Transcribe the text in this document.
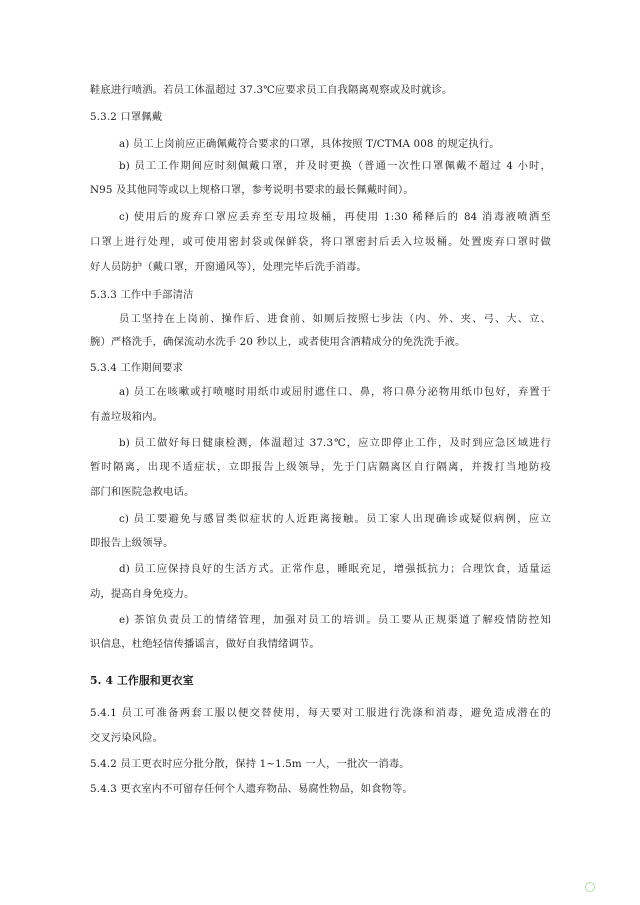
鞋底进行喷洒。若员工体温超过 37.3℃应要求员工自我隔离观察或及时就诊。
5.3.2 口罩佩戴
a) 员工上岗前应正确佩戴符合要求的口罩，具体按照 T/CTMA 008 的规定执行。
b) 员工工作期间应时刻佩戴口罩，并及时更换（普通一次性口罩佩戴不超过 4 小时，
N95 及其他同等或以上规格口罩，参考说明书要求的最长佩戴时间）。
c) 使用后的废弃口罩应丢弃至专用垃圾桶，再使用 1:30 稀释后的 84 消毒液喷洒至
口罩上进行处理，或可使用密封袋或保鲜袋，将口罩密封后丢入垃圾桶。处置废弃口罩时做
好人员防护（戴口罩，开窗通风等），处理完毕后洗手消毒。
5.3.3 工作中手部清洁
员工坚持在上岗前、操作后、进食前、如厕后按照七步法（内、外、夹、弓、大、立、
腕）严格洗手，确保流动水洗手 20 秒以上，或者使用含酒精成分的免洗洗手液。
5.3.4 工作期间要求
a) 员工在咳嗽或打喷嚏时用纸巾或屈肘遮住口、鼻，将口鼻分泌物用纸巾包好，弃置于
有盖垃圾箱内。
b) 员工做好每日健康检测，体温超过 37.3℃，应立即停止工作，及时到应急区域进行
暂时隔离，出现不适症状，立即报告上级领导，先于门店隔离区自行隔离，并拨打当地防疫
部门和医院急救电话。
c) 员工要避免与感冒类似症状的人近距离接触。员工家人出现确诊或疑似病例，应立
即报告上级领导。
d) 员工应保持良好的生活方式。正常作息，睡眠充足，增强抵抗力；合理饮食，适量运
动，提高自身免疫力。
e) 茶馆负责员工的情绪管理，加强对员工的培训。员工要从正规渠道了解疫情防控知
识信息，杜绝轻信传播谣言，做好自我情绪调节。
5. 4 工作服和更衣室
5.4.1 员工可准备两套工服以便交替使用，每天要对工服进行洗涤和消毒，避免造成潜在的
交叉污染风险。
5.4.2 员工更衣时应分批分散，保持 1~1.5m 一人，一批次一消毒。
5.4.3 更衣室内不可留存任何个人遗弃物品、易腐性物品，如食物等。
